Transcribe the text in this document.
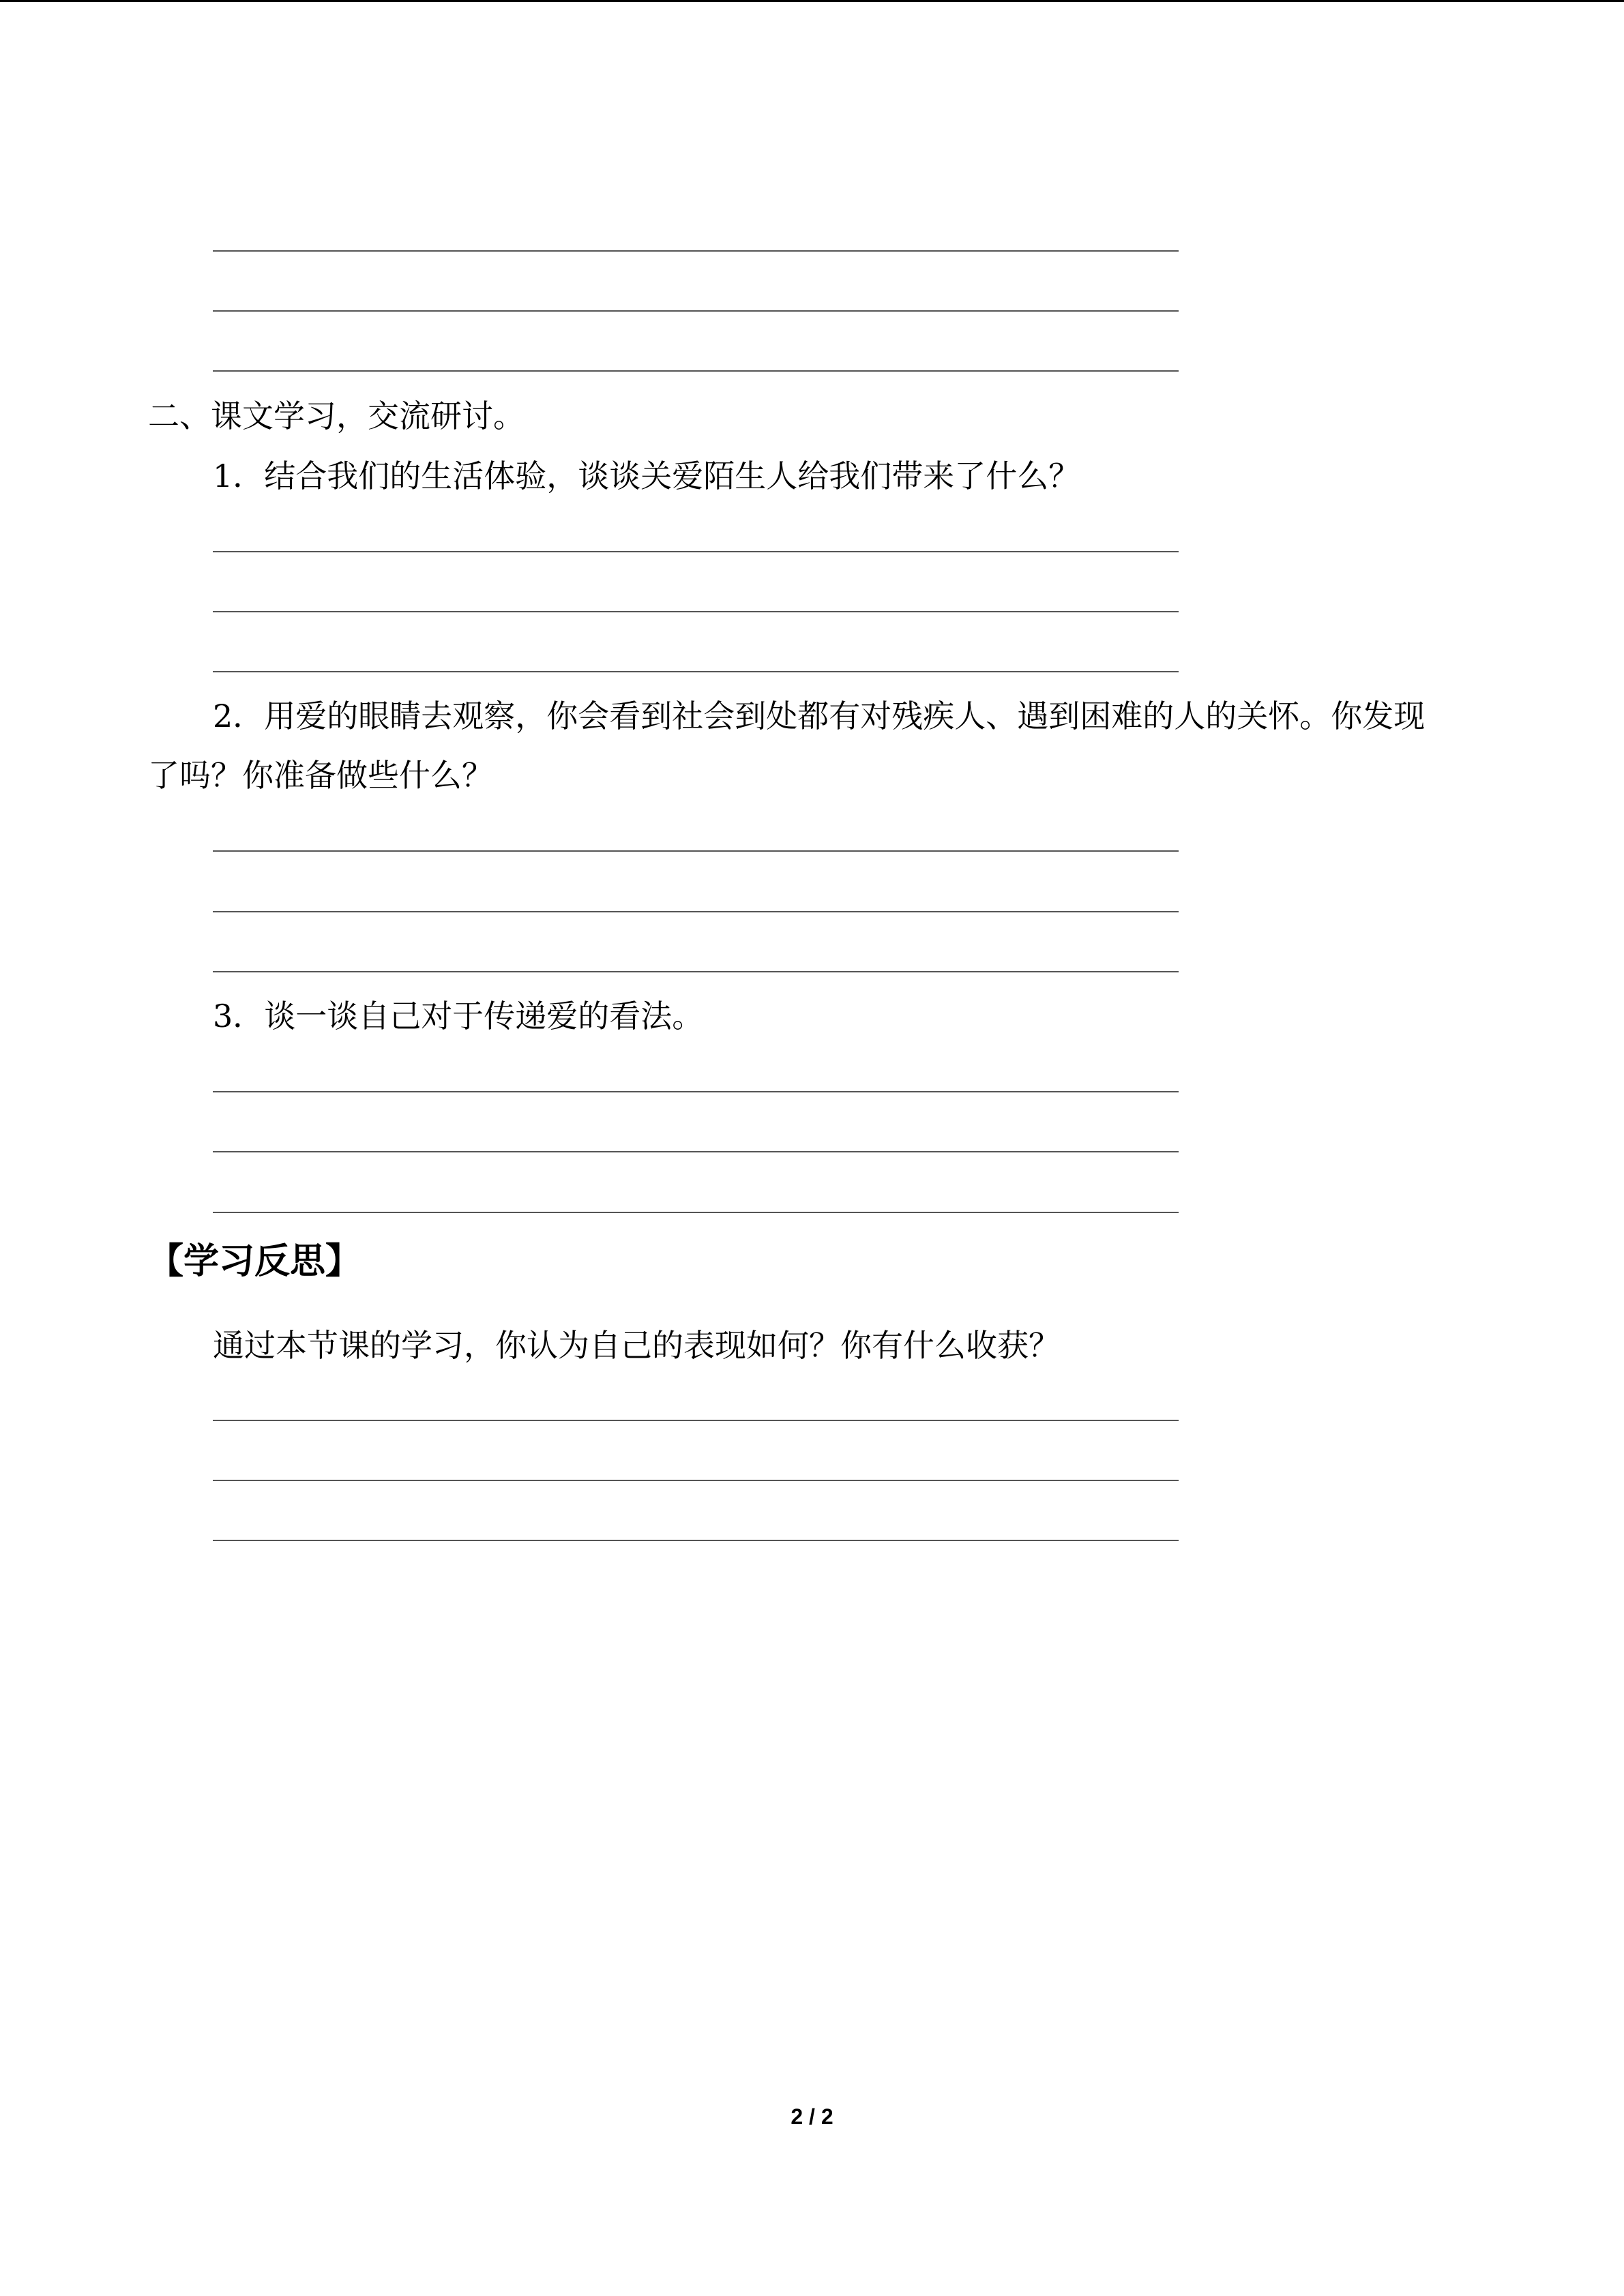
二、课文学习，交流研讨。
1．结合我们的生活体验，谈谈关爱陌生人给我们带来了什么？
2．用爱的眼睛去观察，你会看到社会到处都有对残疾人、遇到困难的人的关怀。你发现
了吗？你准备做些什么？
3．谈一谈自己对于传递爱的看法。
【学习反思】
通过本节课的学习，你认为自己的表现如何？你有什么收获？
2 / 2
